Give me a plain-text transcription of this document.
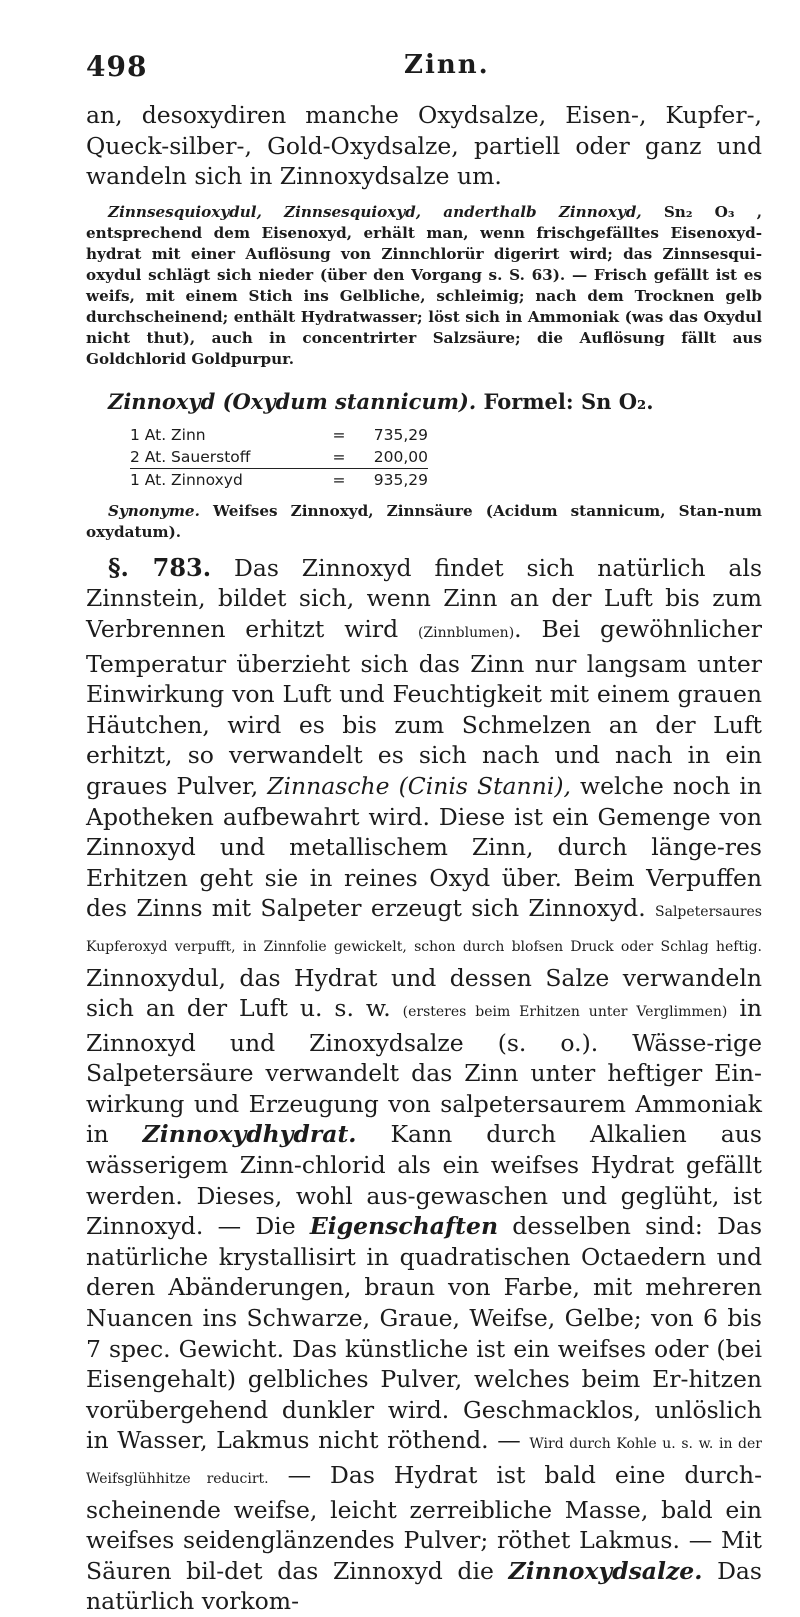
498	Zinn.

an, desoxydiren manche Oxydsalze, Eisen-, Kupfer-, Queck-silber-, Gold-Oxydsalze, partiell oder ganz und wandeln sich in Zinnoxydsalze um.

Zinnsesquioxydul, Zinnsesquioxyd, anderthalb Zinnoxyd, Sn₂ O₃ , entsprechend dem Eisenoxyd, erhält man, wenn frischgefälltes Eisenoxyd-hydrat mit einer Auflösung von Zinnchlorür digerirt wird; das Zinnsesqui-oxydul schlägt sich nieder (über den Vorgang s. S. 63). — Frisch gefällt ist es weifs, mit einem Stich ins Gelbliche, schleimig; nach dem Trocknen gelb durchscheinend; enthält Hydratwasser; löst sich in Ammoniak (was das Oxydul nicht thut), auch in concentrirter Salzsäure; die Auflösung fällt aus Goldchlorid Goldpurpur.

Zinnoxyd (Oxydum stannicum). Formel: Sn O₂.

1 At. Zinn	=	735,29
2 At. Sauerstoff	=	200,00
1 At. Zinnoxyd	=	935,29

Synonyme. Weifses Zinnoxyd, Zinnsäure (Acidum stannicum, Stan-num oxydatum).

§. 783. Das Zinnoxyd findet sich natürlich als Zinnstein, bildet sich, wenn Zinn an der Luft bis zum Verbrennen erhitzt wird (Zinnblumen). Bei gewöhnlicher Temperatur überzieht sich das Zinn nur langsam unter Einwirkung von Luft und Feuchtigkeit mit einem grauen Häutchen, wird es bis zum Schmelzen an der Luft erhitzt, so verwandelt es sich nach und nach in ein graues Pulver, Zinnasche (Cinis Stanni), welche noch in Apotheken aufbewahrt wird. Diese ist ein Gemenge von Zinnoxyd und metallischem Zinn, durch länge-res Erhitzen geht sie in reines Oxyd über. Beim Verpuffen des Zinns mit Salpeter erzeugt sich Zinnoxyd. Salpetersaures Kupferoxyd verpufft, in Zinnfolie gewickelt, schon durch blofsen Druck oder Schlag heftig. Zinnoxydul, das Hydrat und dessen Salze verwandeln sich an der Luft u. s. w. (ersteres beim Erhitzen unter Verglimmen) in Zinnoxyd und Zinoxydsalze (s. o.). Wässe-rige Salpetersäure verwandelt das Zinn unter heftiger Ein-wirkung und Erzeugung von salpetersaurem Ammoniak in Zinnoxydhydrat. Kann durch Alkalien aus wässerigem Zinn-chlorid als ein weifses Hydrat gefällt werden. Dieses, wohl aus-gewaschen und geglüht, ist Zinnoxyd. — Die Eigenschaften desselben sind: Das natürliche krystallisirt in quadratischen Octaedern und deren Abänderungen, braun von Farbe, mit mehreren Nuancen ins Schwarze, Graue, Weifse, Gelbe; von 6 bis 7 spec. Gewicht. Das künstliche ist ein weifses oder (bei Eisengehalt) gelbliches Pulver, welches beim Er-hitzen vorübergehend dunkler wird. Geschmacklos, unlöslich in Wasser, Lakmus nicht röthend. — Wird durch Kohle u. s. w. in der Weifsglühhitze reducirt. — Das Hydrat ist bald eine durch-scheinende weifse, leicht zerreibliche Masse, bald ein weifses seidenglänzendes Pulver; röthet Lakmus. — Mit Säuren bil-det das Zinnoxyd die Zinnoxydsalze. Das natürlich vorkom-
